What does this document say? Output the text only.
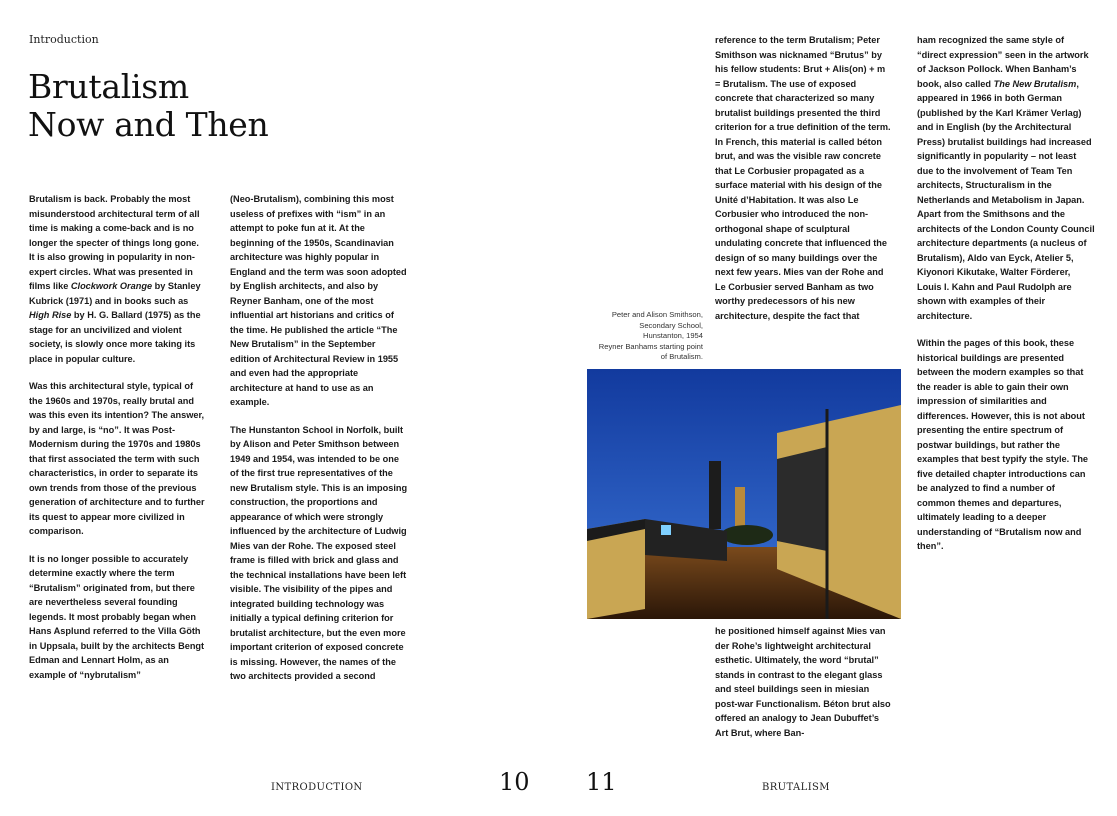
Introduction
Brutalism
Now and Then

Brutalism is back. Probably the most misunderstood architectural term of all time is making a come-back and is no longer the specter of things long gone. It is also growing in popularity in non-expert circles. What was presented in films like Clockwork Orange by Stanley Kubrick (1971) and in books such as High Rise by H. G. Ballard (1975) as the stage for an uncivilized and violent society, is slowly once more taking its place in popular culture.

Was this architectural style, typical of the 1960s and 1970s, really brutal and was this even its intention? The answer, by and large, is “no”. It was Post-Modernism during the 1970s and 1980s that first associated the term with such characteristics, in order to separate its own trends from those of the previous generation of architecture and to further its quest to appear more civilized in comparison.

It is no longer possible to accurately determine exactly where the term “Brutalism” originated from, but there are nevertheless several founding legends. It most probably began when Hans Asplund referred to the Villa Göth in Uppsala, built by the architects Bengt Edman and Lennart Holm, as an example of “nybrutalism”

(Neo-Brutalism), combining this most useless of prefixes with “ism” in an attempt to poke fun at it. At the beginning of the 1950s, Scandinavian architecture was highly popular in England and the term was soon adopted by English architects, and also by Reyner Banham, one of the most influential art historians and critics of the time. He published the article “The New Brutalism” in the September edition of Architectural Review in 1955 and even had the appropriate architecture at hand to use as an example.

The Hunstanton School in Norfolk, built by Alison and Peter Smithson between 1949 and 1954, was intended to be one of the first true representatives of the new Brutalism style. This is an imposing construction, the proportions and appearance of which were strongly influenced by the architecture of Ludwig Mies van der Rohe. The exposed steel frame is filled with brick and glass and the technical installations have been left visible. The visibility of the pipes and integrated building technology was initially a typical defining criterion for brutalist architecture, but the even more important criterion of exposed concrete is missing. However, the names of the two architects provided a second

INTRODUCTION	10	BRUTALISM
11

reference to the term Brutalism; Peter Smithson was nicknamed “Brutus” by his fellow students: Brut + Alis(on) + m = Brutalism. The use of exposed concrete that characterized so many brutalist buildings presented the third criterion for a true definition of the term. In French, this material is called béton brut, and was the visible raw concrete that Le Corbusier propagated as a surface material with his design of the Unité d’Habitation. It was also Le Corbusier who introduced the non-orthogonal shape of sculptural undulating concrete that influenced the design of so many buildings over the next few years. Mies van der Rohe and Le Corbusier served Banham as two worthy predecessors of his new architecture, despite the fact that

Peter and Alison Smithson,
Secondary School,
Hunstanton, 1954
Reyner Banhams starting point
of Brutalism.

he positioned himself against Mies van der Rohe’s lightweight architectural esthetic. Ultimately, the word “brutal” stands in contrast to the elegant glass and steel buildings seen in miesian post-war Functionalism. Béton brut also offered an analogy to Jean Dubuffet’s Art Brut, where Ban-

ham recognized the same style of “direct expression” seen in the artwork of Jackson Pollock. When Banham’s book, also called The New Brutalism, appeared in 1966 in both German (published by the Karl Krämer Verlag) and in English (by the Architectural Press) brutalist buildings had increased significantly in popularity – not least due to the involvement of Team Ten architects, Structuralism in the Netherlands and Metabolism in Japan. Apart from the Smithsons and the architects of the London County Council architecture departments (a nucleus of Brutalism), Aldo van Eyck, Atelier 5, Kiyonori Kikutake, Walter Förderer, Louis I. Kahn and Paul Rudolph are shown with examples of their architecture.

Within the pages of this book, these historical buildings are presented between the modern examples so that the reader is able to gain their own impression of similarities and differences. However, this is not about presenting the entire spectrum of postwar buildings, but rather the examples that best typify the style. The five detailed chapter introductions can be analyzed to find a number of common themes and departures, ultimately leading to a deeper understanding of “Brutalism now and then”.
